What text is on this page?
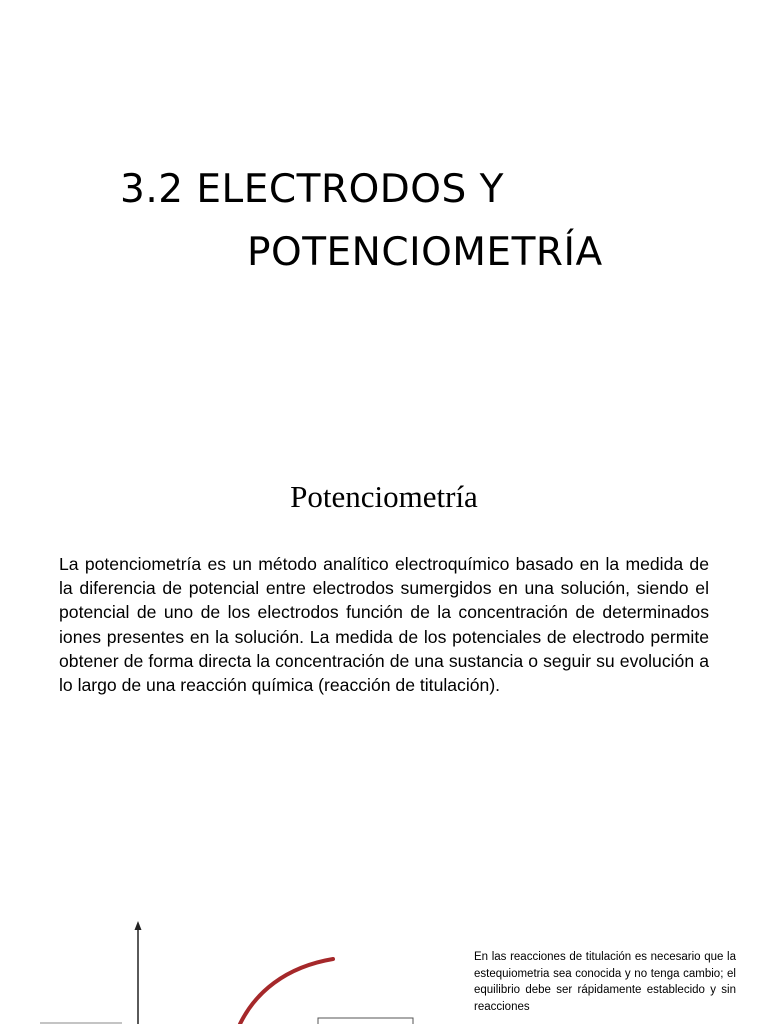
3.2 ELECTRODOS Y
POTENCIOMETRÍA
Potenciometría

La potenciometría es un método analítico electroquímico basado en la medida de la diferencia de potencial entre electrodos sumergidos en una solución, siendo el potencial de uno de los electrodos función de la concentración de determinados iones presentes en la solución. La medida de los potenciales de electrodo permite obtener de forma directa la concentración de una sustancia o seguir su evolución a lo largo de una reacción química (reacción de titulación).

En las reacciones de titulación es necesario que la estequiometria sea conocida y no tenga cambio; el equilibrio debe ser rápidamente establecido y sin reacciones
